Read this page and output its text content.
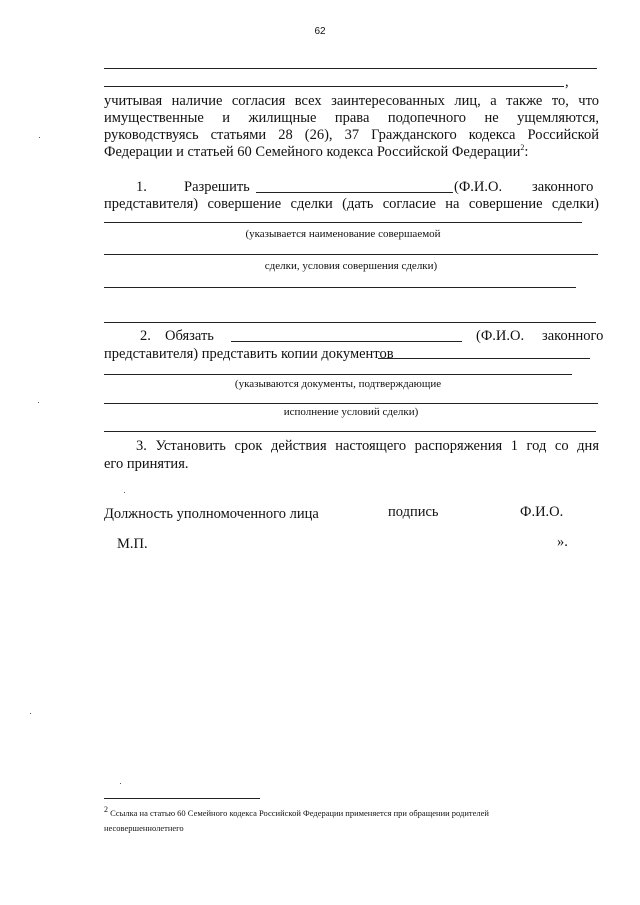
62
,
учитывая наличие согласия всех заинтересованных лиц, а также то, что
имущественные и жилищные права подопечного не ущемляются,
руководствуясь статьями 28 (26), 37 Гражданского кодекса Российской
Федерации и статьей 60 Семейного кодекса Российской Федерации$^2$:
1.	Разрешить	(Ф.И.О. законного
представителя) совершение сделки (дать согласие на совершение сделки)
(указывается наименование совершаемой
сделки, условия совершения сделки)
2. Обязать	(Ф.И.О. законного
представителя) представить копии документов
(указываются документы, подтверждающие
исполнение условий сделки)
3. Установить срок действия настоящего распоряжения 1 год со дня
его принятия.
Должность уполномоченного лица	подпись	Ф.И.О.
М.П.	».
$^2$ Ссылка на статью 60 Семейного кодекса Российской Федерации применяется при обращении родителей
несовершеннолетнего
